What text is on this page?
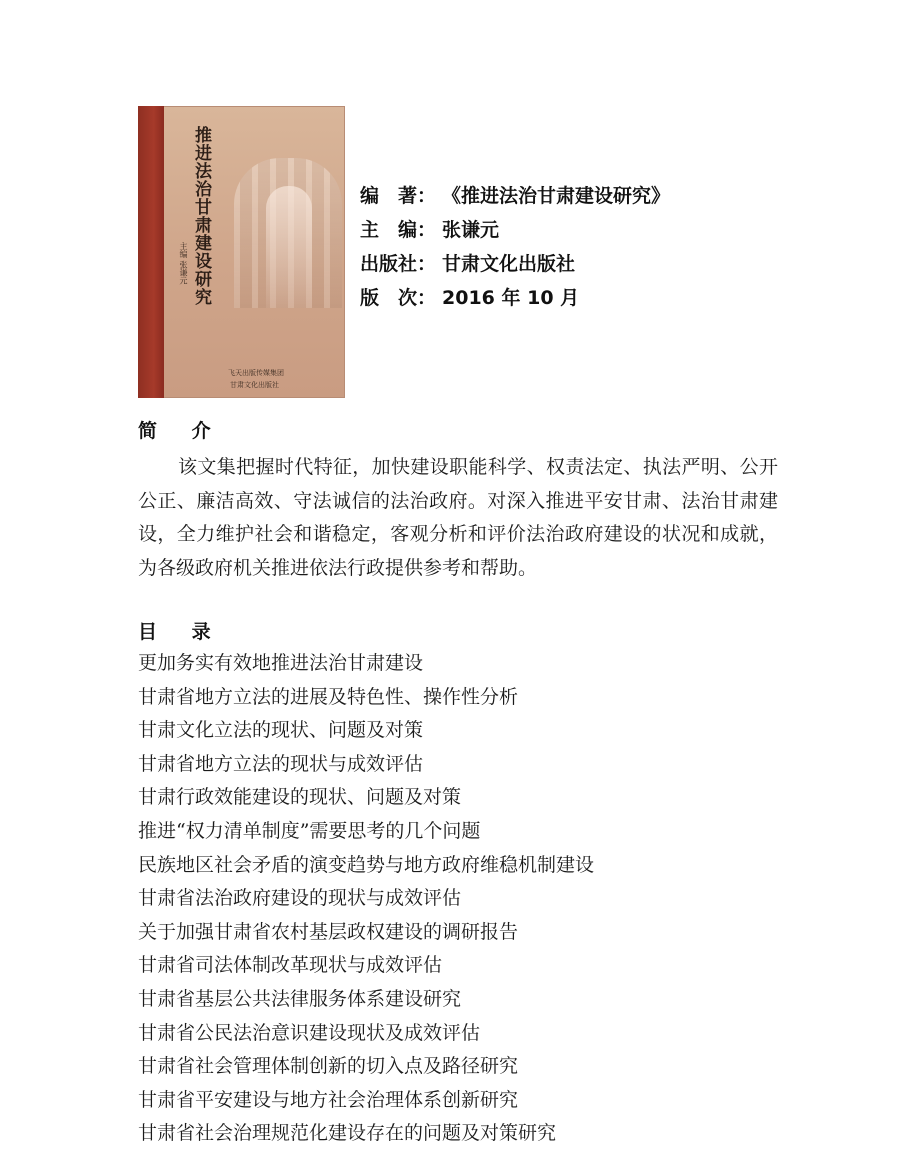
推进法治甘肃建设研究
主编 张谦元
飞天出版传媒集团
甘肃文化出版社
编　著： 《推进法治甘肃建设研究》
主　编： 张谦元
出版社： 甘肃文化出版社
版　次： 2016 年 10 月
简 介

该文集把握时代特征，加快建设职能科学、权责法定、执法严明、公开公正、廉洁高效、守法诚信的法治政府。对深入推进平安甘肃、法治甘肃建设，全力维护社会和谐稳定，客观分析和评价法治政府建设的状况和成就，为各级政府机关推进依法行政提供参考和帮助。

目 录
更加务实有效地推进法治甘肃建设
甘肃省地方立法的进展及特色性、操作性分析
甘肃文化立法的现状、问题及对策
甘肃省地方立法的现状与成效评估
甘肃行政效能建设的现状、问题及对策
推进“权力清单制度”需要思考的几个问题
民族地区社会矛盾的演变趋势与地方政府维稳机制建设
甘肃省法治政府建设的现状与成效评估
关于加强甘肃省农村基层政权建设的调研报告
甘肃省司法体制改革现状与成效评估
甘肃省基层公共法律服务体系建设研究
甘肃省公民法治意识建设现状及成效评估
甘肃省社会管理体制创新的切入点及路径研究
甘肃省平安建设与地方社会治理体系创新研究
甘肃省社会治理规范化建设存在的问题及对策研究
